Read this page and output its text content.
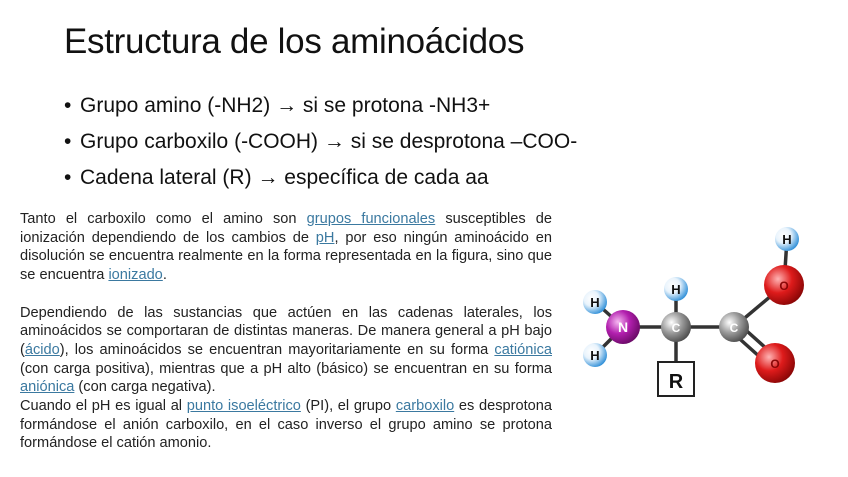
Estructura de los aminoácidos
• Grupo amino (-NH2) → si se protona -NH3+
• Grupo carboxilo (-COOH) → si se desprotona –COO-
• Cadena lateral (R) → específica de cada aa

Tanto el carboxilo como el amino son grupos funcionales susceptibles de ionización dependiendo de los cambios de pH, por eso ningún aminoácido en disolución se encuentra realmente en la forma representada en la figura, sino que se encuentra ionizado.

Dependiendo de las sustancias que actúen en las cadenas laterales, los aminoácidos se comportaran de distintas maneras. De manera general a pH bajo (ácido), los aminoácidos se encuentran mayoritariamente en su forma catiónica (con carga positiva), mientras que a pH alto (básico) se encuentran en su forma aniónica (con carga negativa).

Cuando el pH es igual al punto isoeléctrico (PI), el grupo carboxilo es desprotona formándose el anión carboxilo, en el caso inverso el grupo amino se protona formándose el catión amonio.

H
H
N
H
C	C
H
O
O
R
